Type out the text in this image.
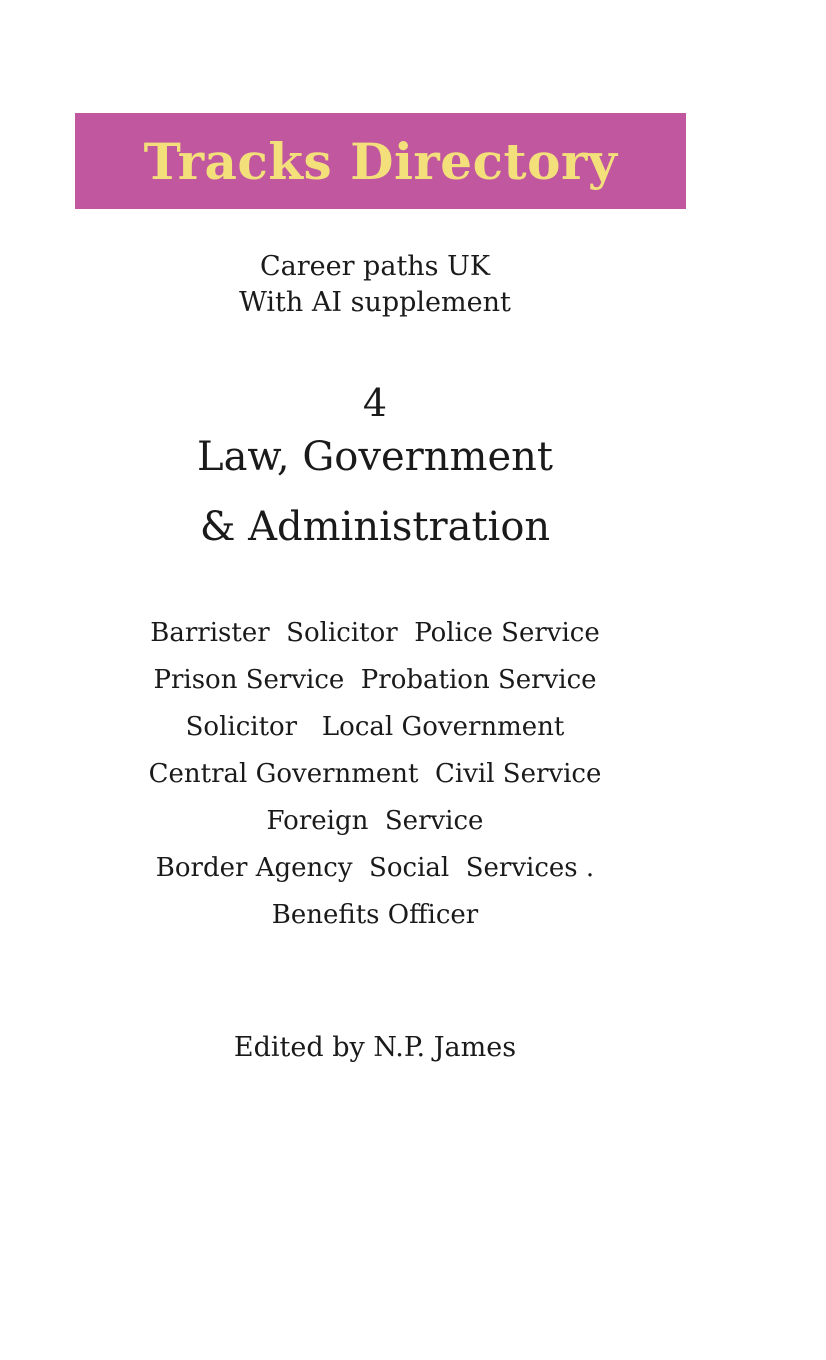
Tracks Directory
Career paths UK
With AI supplement
4
Law, Government
& Administration
Barrister  Solicitor  Police Service
Prison Service  Probation Service
Solicitor   Local Government
Central Government  Civil Service
Foreign  Service
Border Agency  Social  Services .
Benefits Officer
Edited by N.P. James
